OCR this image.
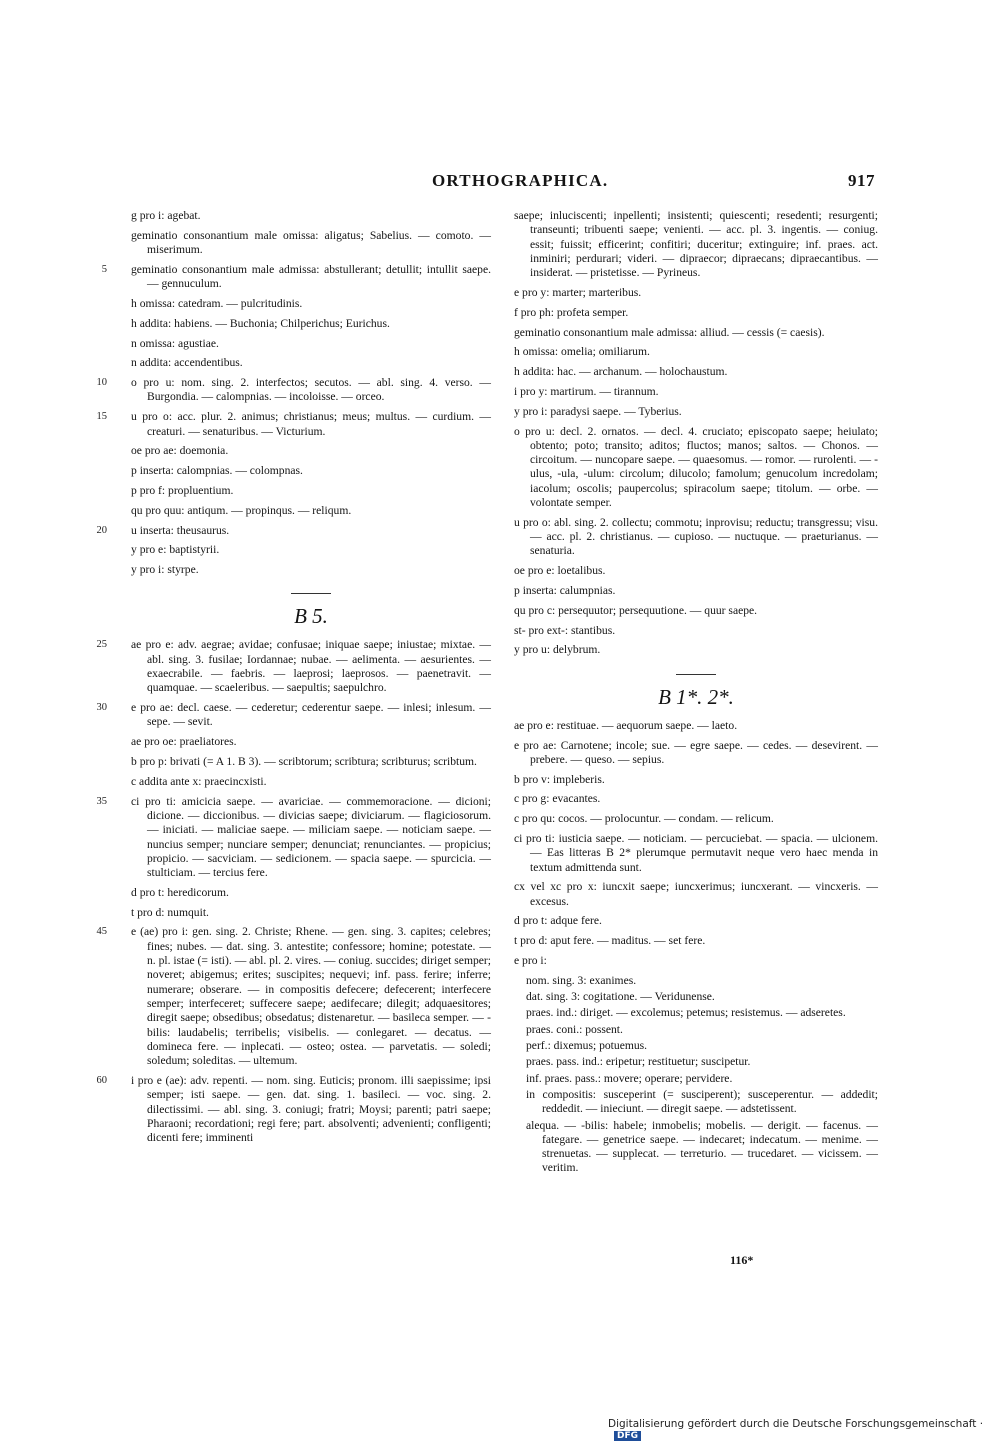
ORTHOGRAPHICA.	917
g pro i: agebat.
geminatio consonantium male omissa: aligatus; Sabelius. — comoto. — miserimum.
5 geminatio consonantium male admissa: abstullerant; detullit; intullit saepe. — gennuculum.
h omissa: catedram. — pulcritudinis.
h addita: habiens. — Buchonia; Chilperichus; Eurichus.
n omissa: agustiae.
n addita: accendentibus.
10 o pro u: nom. sing. 2. interfectos; secutos. — abl. sing. 4. verso. — Burgondia. — calompnias. — incoloisse. — orceo.
15 u pro o: acc. plur. 2. animus; christianus; meus; multus. — curdium. — creaturi. — senaturibus. — Victurium.
oe pro ae: doemonia.
p inserta: calompnias. — colompnas.
p pro f: propluentium.
qu pro quu: antiqum. — propinqus. — reliqum.
20 u inserta: theusaurus.
y pro e: baptistyrii.
y pro i: styrpe.
B 5.
25 ae pro e: adv. aegrae; avidae; confusae; iniquae saepe; iniustae; mixtae. — abl. sing. 3. fusilae; Iordannae; nubae. — aelimenta. — aesurientes. — exaecrabile. — faebris. — laeprosi; laeprosos. — paenetravit. — quamquae. — scaeleribus. — saepultis; saepulchro.
30 e pro ae: decl. caese. — cederetur; cederentur saepe. — inlesi; inlesum. — sepe. — sevit.
ae pro oe: praeliatores.
b pro p: brivati (= A 1. B 3). — scribtorum; scribtura; scribturus; scribtum.
c addita ante x: praecincxisti.
35 ci pro ti: amicicia saepe. — avariciae. — commemoracione. — dicioni; dicione. — diccionibus. — divicias saepe; diviciarum. — flagiciosorum. — iniciati. — maliciae saepe. — miliciam saepe. — noticiam saepe. — nuncius semper; nunciare semper; denunciat; renunciantes. — propicius; propicio. — sacviciam. — sedicionem. — spacia saepe. — spurcicia. — stulticiam. — tercius fere.
d pro t: heredicorum.
t pro d: numquit.
45 e (ae) pro i: gen. sing. 2. Christe; Rhene. — gen. sing. 3. capites; celebres; fines; nubes. — dat. sing. 3. antestite; confessore; homine; potestate. — n. pl. istae (= isti). — abl. pl. 2. vires. — coniug. succides; diriget semper; noveret; abigemus; erites; suscipites; nequevi; inf. pass. ferire; inferre; numerare; obserare. — in compositis defecere; defecerent; interfecere semper; interfeceret; suffecere saepe; aedifecare; dilegit; adquaesitores; diregit saepe; obsedibus; obsedatus; distenaretur. — basileca semper. — -bilis: laudabelis; terribelis; visibelis. — conlegaret. — decatus. — domineca fere. — inplecati. — osteo; ostea. — parvetatis. — soledi; soledum; soleditas. — ultemum.
60 i pro e (ae): adv. repenti. — nom. sing. Euticis; pronom. illi saepissime; ipsi semper; isti saepe. — gen. dat. sing. 1. basileci. — voc. sing. 2. dilectissimi. — abl. sing. 3. coniugi; fratri; Moysi; parenti; patri saepe; Pharaoni; recordationi; regi fere; part. absolventi; advenienti; confligenti; dicenti fere; imminenti
saepe; inluciscenti; inpellenti; insistenti; quiescenti; resedenti; resurgenti; transeunti; tribuenti saepe; venienti. — acc. pl. 3. ingentis. — coniug. essit; fuissit; efficerint; confitiri; duceritur; extinguire; inf. praes. act. inminiri; perdurari; videri. — dipraecor; dipraecans; dipraecantibus. — insiderat. — pristetisse. — Pyrineus.
e pro y: marter; marteribus.
f pro ph: profeta semper.
geminatio consonantium male admissa: alliud. — cessis (= caesis).
h omissa: omelia; omiliarum.
h addita: hac. — archanum. — holochaustum.
i pro y: martirum. — tirannum.
y pro i: paradysi saepe. — Tyberius.
o pro u: decl. 2. ornatos. — decl. 4. cruciato; episcopato saepe; heiulato; obtento; poto; transito; aditos; fluctos; manos; saltos. — Chonos. — circoitum. — nuncopare saepe. — quaesomus. — romor. — rurolenti. — -ulus, -ula, -ulum: circolum; dilucolo; famolum; genucolum incredolam; iacolum; oscolis; paupercolus; spiracolum saepe; titolum. — orbe. — volontate semper.
u pro o: abl. sing. 2. collectu; commotu; inprovisu; reductu; transgressu; visu. — acc. pl. 2. christianus. — cupioso. — nuctuque. — praeturianus. — senaturia.
oe pro e: loetalibus.
p inserta: calumpnias.
qu pro c: persequutor; persequutione. — quur saepe.
st- pro ext-: stantibus.
y pro u: delybrum.
B 1*. 2*.
ae pro e: restituae. — aequorum saepe. — laeto.
e pro ae: Carnotene; incole; sue. — egre saepe. — cedes. — desevirent. — prebere. — queso. — sepius.
b pro v: impleberis.
c pro g: evacantes.
c pro qu: cocos. — prolocuntur. — condam. — relicum.
ci pro ti: iusticia saepe. — noticiam. — percuciebat. — spacia. — ulcionem. — Eas litteras B 2* plerumque permutavit neque vero haec menda in textum admittenda sunt.
cx vel xc pro x: iuncxit saepe; iuncxerimus; iuncxerant. — vincxeris. — excesus.
d pro t: adque fere.
t pro d: aput fere. — maditus. — set fere.
e pro i:
nom. sing. 3: exanimes.
dat. sing. 3: cogitatione. — Veridunense.
praes. ind.: diriget. — excolemus; petemus; resistemus. — adseretes.
praes. coni.: possent.
perf.: dixemus; potuemus.
praes. pass. ind.: eripetur; restituetur; suscipetur.
inf. praes. pass.: movere; operare; pervidere.
in compositis: susceperint (= susciperent); susceperentur. — addedit; reddedit. — inieciunt. — diregit saepe. — adstetissent.
alequa. — -bilis: habele; inmobelis; mobelis. — derigit. — facenus. — fategare. — genetrice saepe. — indecaret; indecatum. — menime. — strenuetas. — supplecat. — terreturio. — trucedaret. — vicissem. — veritim.
116*
Digitalisierung gefördert durch die Deutsche Forschungsgemeinschaft · DFG
